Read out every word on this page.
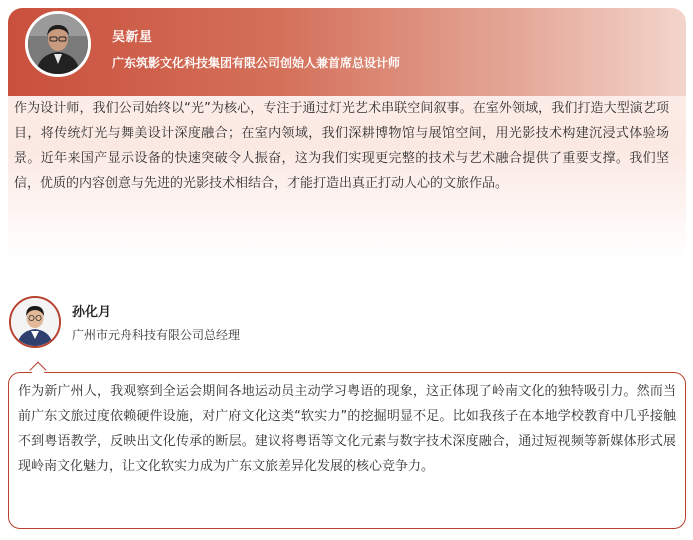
吴新星
广东筑影文化科技集团有限公司创始人兼首席总设计师

作为设计师，我们公司始终以“光”为核心，专注于通过灯光艺术串联空间叙事。在室外领域，我们打造大型演艺项目，将传统灯光与舞美设计深度融合；在室内领域，我们深耕博物馆与展馆空间，用光影技术构建沉浸式体验场景。近年来国产显示设备的快速突破令人振奋，这为我们实现更完整的技术与艺术融合提供了重要支撑。我们坚信，优质的内容创意与先进的光影技术相结合，才能打造出真正打动人心的文旅作品。

孙化月
广州市元舟科技有限公司总经理

作为新广州人，我观察到全运会期间各地运动员主动学习粤语的现象，这正体现了岭南文化的独特吸引力。然而当前广东文旅过度依赖硬件设施，对广府文化这类“软实力”的挖掘明显不足。比如我孩子在本地学校教育中几乎接触不到粤语教学，反映出文化传承的断层。建议将粤语等文化元素与数字技术深度融合，通过短视频等新媒体形式展现岭南文化魅力，让文化软实力成为广东文旅差异化发展的核心竞争力。
